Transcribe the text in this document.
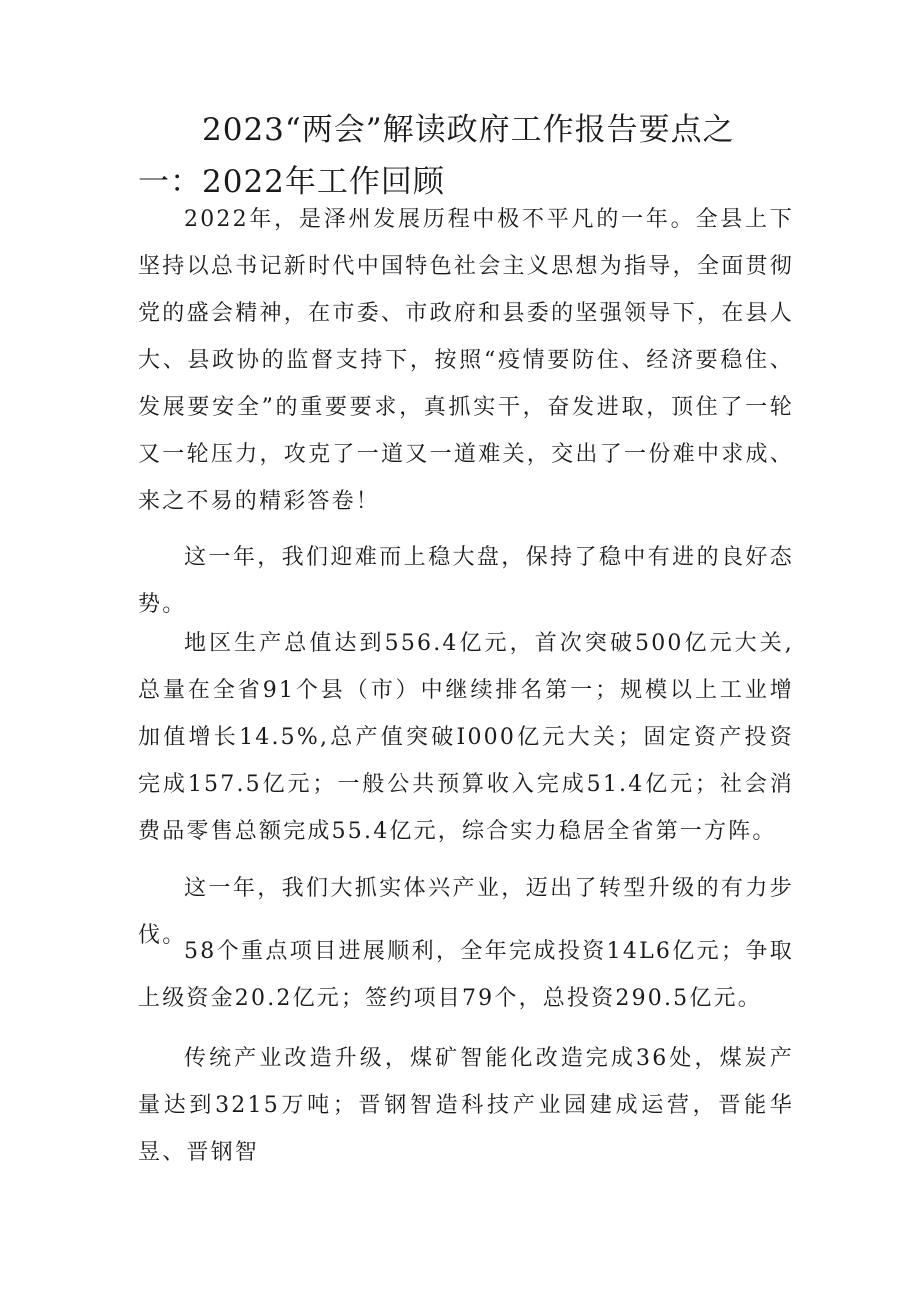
2023“两会”解读政府工作报告要点之一：2022年工作回顾

2022年，是泽州发展历程中极不平凡的一年。全县上下坚持以总书记新时代中国特色社会主义思想为指导，全面贯彻党的盛会精神，在市委、市政府和县委的坚强领导下，在县人大、县政协的监督支持下，按照“疫情要防住、经济要稳住、发展要安全”的重要要求，真抓实干，奋发进取，顶住了一轮又一轮压力，攻克了一道又一道难关，交出了一份难中求成、来之不易的精彩答卷！

这一年，我们迎难而上稳大盘，保持了稳中有进的良好态势。

地区生产总值达到556.4亿元，首次突破500亿元大关,总量在全省91个县（市）中继续排名第一；规模以上工业增加值增长14.5%,总产值突破I000亿元大关；固定资产投资完成157.5亿元；一般公共预算收入完成51.4亿元；社会消费品零售总额完成55.4亿元，综合实力稳居全省第一方阵。

这一年，我们大抓实体兴产业，迈出了转型升级的有力步伐。

58个重点项目进展顺利，全年完成投资14L6亿元；争取上级资金20.2亿元；签约项目79个，总投资290.5亿元。

传统产业改造升级，煤矿智能化改造完成36处，煤炭产量达到3215万吨；晋钢智造科技产业园建成运营，晋能华昱、晋钢智
